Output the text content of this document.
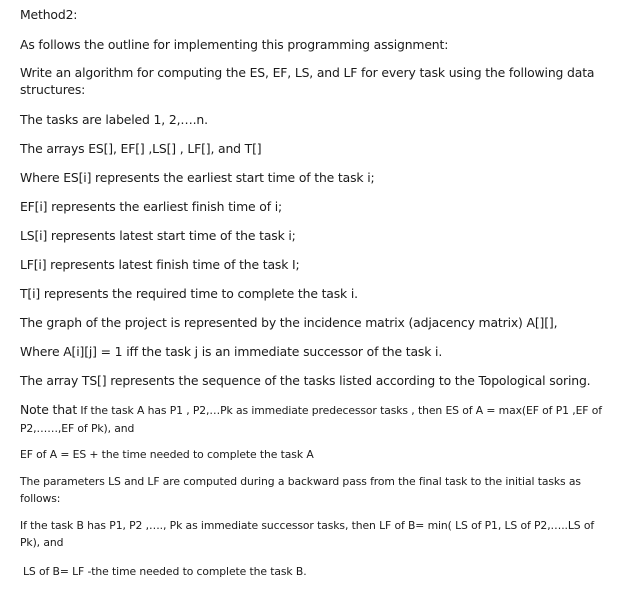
Method2:
As follows the outline for implementing this programming assignment:
Write an algorithm for computing the ES, EF, LS, and LF for every task using the following data structures:
The tasks are labeled 1, 2,….n.
The arrays ES[], EF[] ,LS[] , LF[], and T[]
Where ES[i] represents the earliest start time of the task i;
EF[i] represents the earliest finish time of i;
LS[i] represents latest start time of the task i;
LF[i] represents latest finish time of the task I;
T[i] represents the required time to complete the task i.
The graph of the project is represented by the incidence matrix (adjacency matrix) A[][],
Where A[i][j] = 1 iff the task j is an immediate successor of the task i.
The array TS[] represents the sequence of the tasks listed according to the Topological soring.
Note that If the task A has P1 , P2,…Pk as immediate predecessor tasks , then ES of A = max(EF of P1 ,EF of P2,……,EF of Pk), and
EF of A = ES + the time needed to complete the task A
The parameters LS and LF are computed during a backward pass from the final task to the initial tasks as follows:
If the task B has P1, P2 ,…., Pk as immediate successor tasks, then LF of B= min( LS of P1, LS of P2,…..LS of Pk), and
LS of B= LF -the time needed to complete the task B.
